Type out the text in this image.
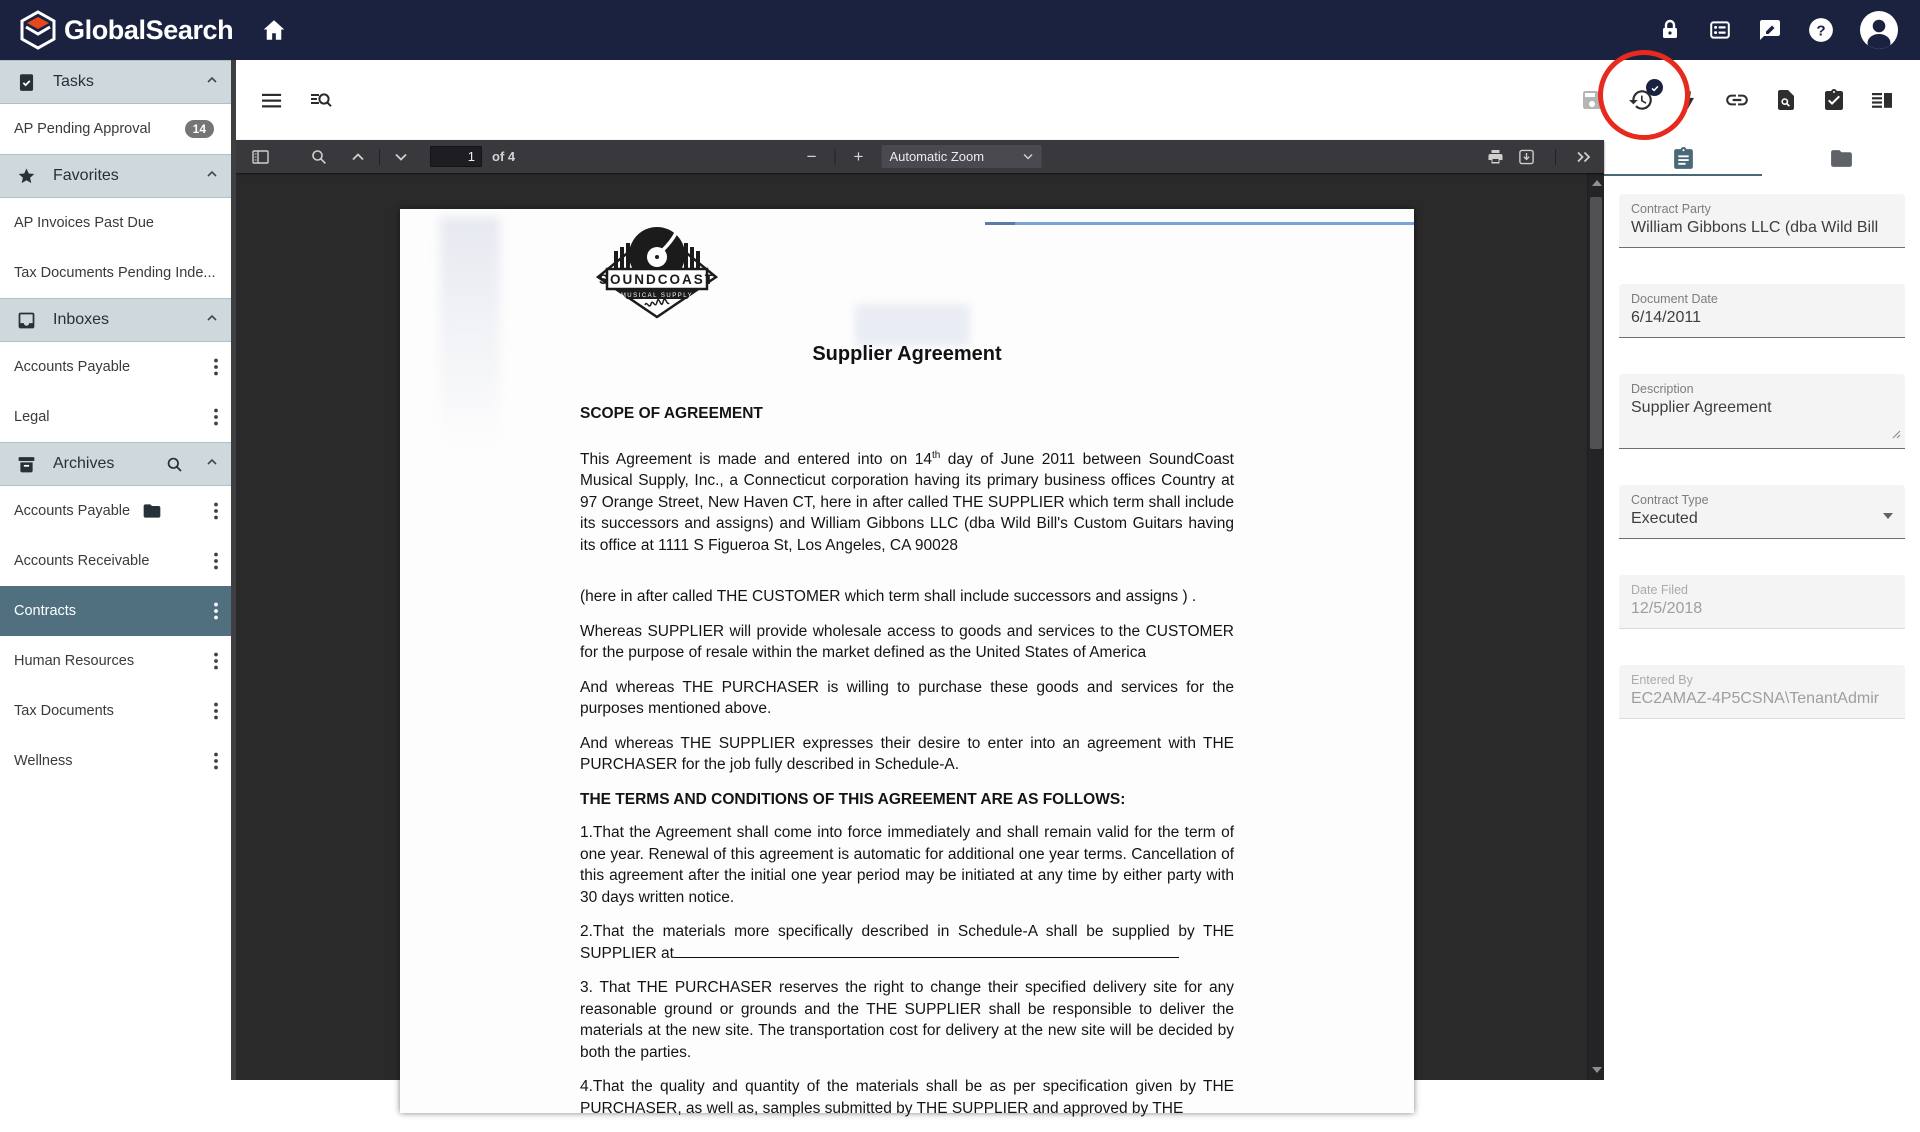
GlobalSearch	?
Tasks
AP Pending Approval	14
Favorites
AP Invoices Past Due
Tax Documents Pending Inde...
Inboxes
Accounts Payable
Legal
Archives
Accounts Payable
Accounts Receivable
Contracts
Human Resources
Tax Documents
Wellness
1	of 4	−	+	Automatic Zoom
SOUNDCOAST
MUSICAL SUPPLY
Supplier Agreement
SCOPE OF AGREEMENT

This Agreement is made and entered into on 14th day of June 2011 between SoundCoast Musical Supply, Inc., a Connecticut corporation having its primary business offices Country at 97 Orange Street, New Haven CT, here in after called THE SUPPLIER which term shall include its successors and assigns) and William Gibbons LLC (dba Wild Bill's Custom Guitars having its office at 1111 S Figueroa St, Los Angeles, CA 90028

(here in after called THE CUSTOMER which term shall include successors and assigns ) .

Whereas SUPPLIER will provide wholesale access to goods and services to the CUSTOMER for the purpose of resale within the market defined as the United States of America

And whereas THE PURCHASER is willing to purchase these goods and services for the purposes mentioned above.

And whereas THE SUPPLIER expresses their desire to enter into an agreement with THE PURCHASER for the job fully described in Schedule-A.

THE TERMS AND CONDITIONS OF THIS AGREEMENT ARE AS FOLLOWS:

1.That the Agreement shall come into force immediately and shall remain valid for the term of one year. Renewal of this agreement is automatic for additional one year terms. Cancellation of this agreement after the initial one year period may be initiated at any time by either party with 30 days written notice.

2.That the materials more specifically described in Schedule-A shall be supplied by THE SUPPLIER at

3. That THE PURCHASER reserves the right to change their specified delivery site for any reasonable ground or grounds and the THE SUPPLIER shall be responsible to deliver the materials at the new site. The transportation cost for delivery at the new site will be decided by both the parties.

4.That the quality and quantity of the materials shall be as per specification given by THE PURCHASER, as well as, samples submitted by THE SUPPLIER and approved by THE

Contract Party
William Gibbons LLC (dba Wild Bill
Document Date
6/14/2011
Description
Supplier Agreement
Contract Type
Executed
Date Filed
12/5/2018
Entered By
EC2AMAZ-4P5CSNA\TenantAdmir
